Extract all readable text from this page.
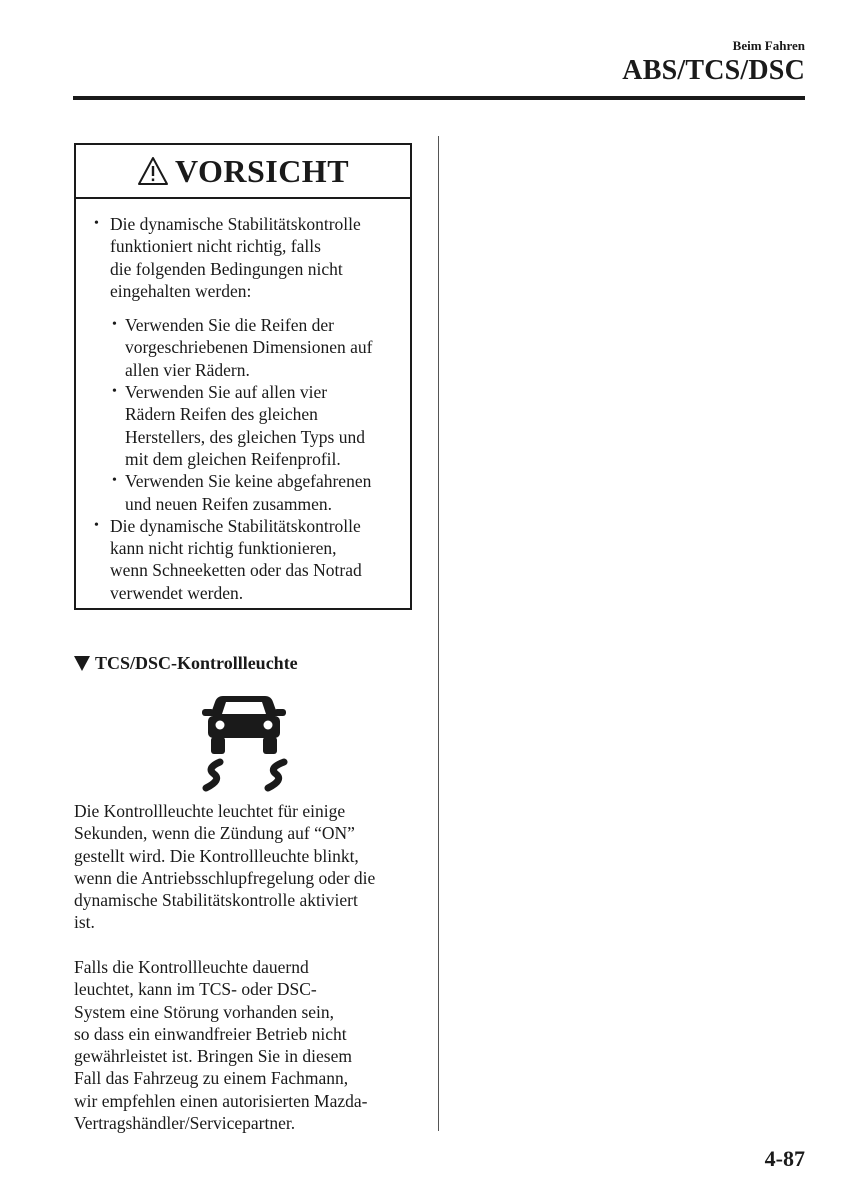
Beim Fahren
ABS/TCS/DSC
VORSICHT
• Die dynamische Stabilitätskontrolle
funktioniert nicht richtig, falls
die folgenden Bedingungen nicht
eingehalten werden:
• Verwenden Sie die Reifen der
vorgeschriebenen Dimensionen auf
allen vier Rädern.
• Verwenden Sie auf allen vier
Rädern Reifen des gleichen
Herstellers, des gleichen Typs und
mit dem gleichen Reifenprofil.
• Verwenden Sie keine abgefahrenen
und neuen Reifen zusammen.
• Die dynamische Stabilitätskontrolle
kann nicht richtig funktionieren,
wenn Schneeketten oder das Notrad
verwendet werden.
TCS/DSC-Kontrollleuchte
Die Kontrollleuchte leuchtet für einige
Sekunden, wenn die Zündung auf “ON”
gestellt wird. Die Kontrollleuchte blinkt,
wenn die Antriebsschlupfregelung oder die
dynamische Stabilitätskontrolle aktiviert
ist.
Falls die Kontrollleuchte dauernd
leuchtet, kann im TCS- oder DSC-
System eine Störung vorhanden sein,
so dass ein einwandfreier Betrieb nicht
gewährleistet ist. Bringen Sie in diesem
Fall das Fahrzeug zu einem Fachmann,
wir empfehlen einen autorisierten Mazda-
Vertragshändler/Servicepartner.
4-87
